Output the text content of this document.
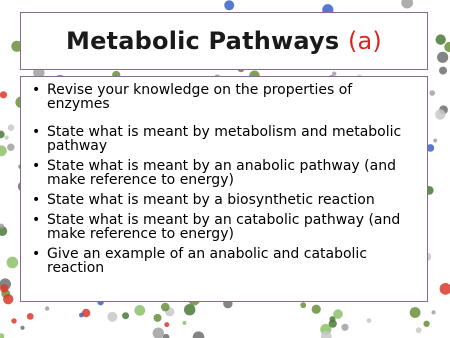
Metabolic Pathways (a)
• Revise your knowledge on the properties of enzymes
• State what is meant by metabolism and metabolic pathway
• State what is meant by an anabolic pathway (and make reference to energy)
• State what is meant by a biosynthetic reaction
• State what is meant by an catabolic pathway (and make reference to energy)
• Give an example of an anabolic and catabolic reaction
